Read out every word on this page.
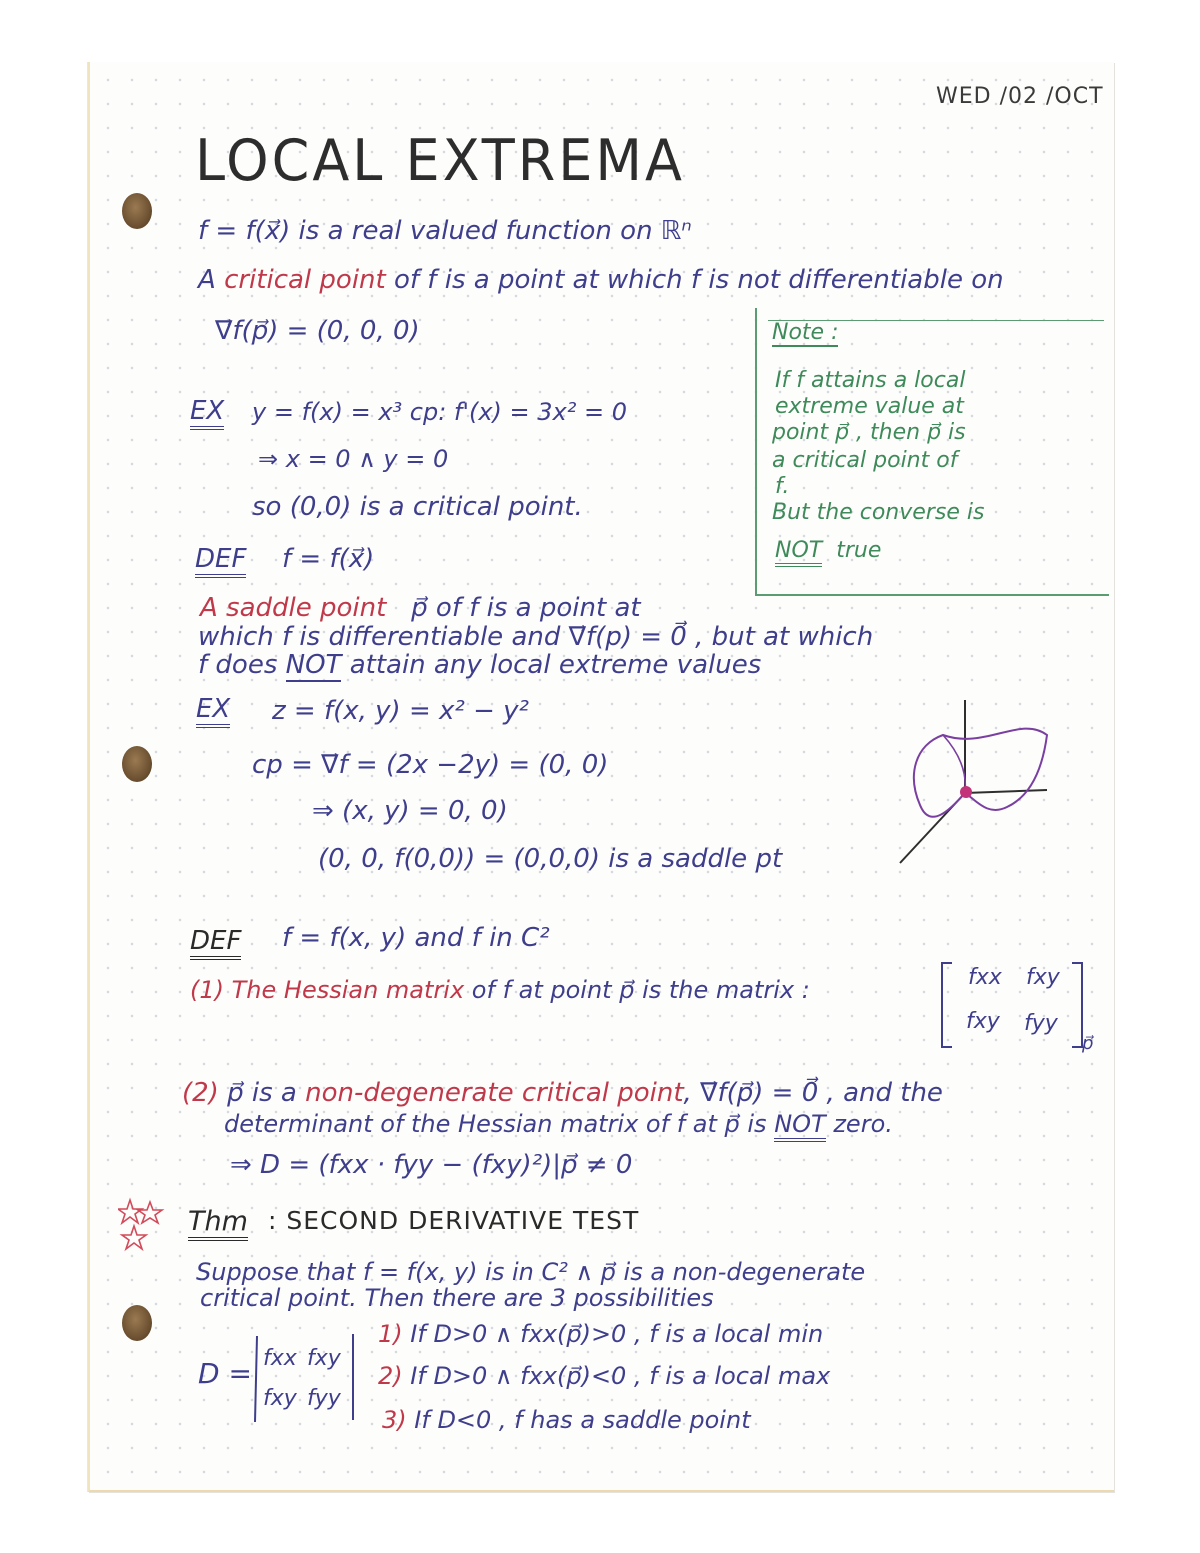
WED /02 /OCT
LOCAL EXTREMA
f = f(x⃗) is a real valued function on ℝⁿ
A critical point of f is a point at which f is not differentiable on
∇⃗f(p⃗) = (0, 0, 0)	Note :
If f attains a local
extreme value at
point p⃗ , then p⃗ is
a critical point of
f.
But the converse is
NOT true
EX y = f(x) = x³ cp: f'(x) = 3x² = 0
⇒ x = 0 ∧ y = 0
so (0,0) is a critical point.
DEF f = f(x⃗)
A saddle point p⃗ of f is a point at
which f is differentiable and ∇⃗f(p) = 0⃗ , but at which
f does NOT attain any local extreme values
EX z = f(x, y) = x² − y²
cp = ∇⃗f = (2x −2y) = (0, 0)
⇒ (x, y) = 0, 0)
(0, 0, f(0,0)) = (0,0,0) is a saddle pt
DEF f = f(x, y) and f in C²
(1) The Hessian matrix of f at point p⃗ is the matrix :	fxx fxy
fxy fyy
p⃗
(2) p⃗ is a non-degenerate critical point, ∇⃗f(p⃗) = 0⃗ , and the
determinant of the Hessian matrix of f at p⃗ is NOT zero.
⇒ D = (fxx · fyy − (fxy)²)|p⃗ ≠ 0
Thm : SECOND DERIVATIVE TEST
Suppose that f = f(x, y) is in C² ∧ p⃗ is a non-degenerate
critical point. Then there are 3 possibilities
D = fxx fxy
fxy fyy
1) If D>0 ∧ fxx(p⃗)>0 , f is a local min
2) If D>0 ∧ fxx(p⃗)<0 , f is a local max
3) If D<0 , f has a saddle point
